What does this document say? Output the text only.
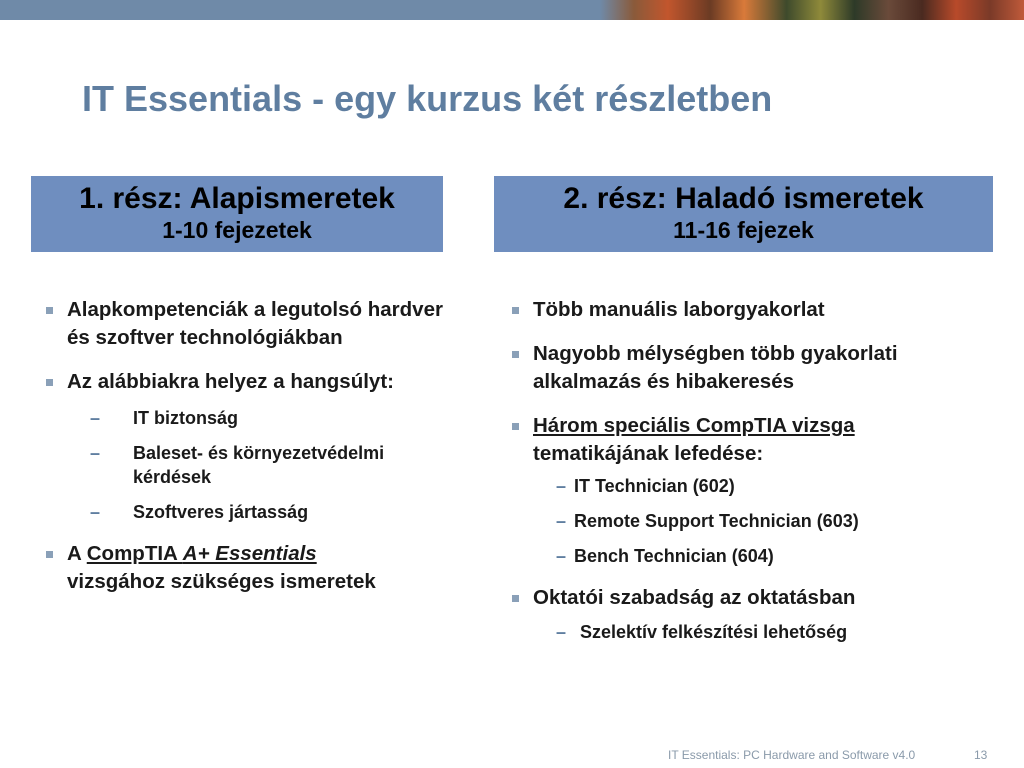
IT Essentials - egy kurzus két részletben
1. rész: Alapismeretek
1-10 fejezetek
2. rész: Haladó ismeretek
11-16 fejezek
Alapkompetenciák a legutolsó hardver és szoftver technológiákban
Az alábbiakra helyez a hangsúlyt:
– IT biztonság
– Baleset- és környezetvédelmi kérdések
– Szoftveres jártasság
A CompTIA A+ Essentials
vizsgához szükséges ismeretek
Több manuális laborgyakorlat
Nagyobb mélységben több gyakorlati alkalmazás és hibakeresés
Három speciális CompTIA vizsga
tematikájának lefedése:
– IT Technician (602)
– Remote Support Technician (603)
– Bench Technician (604)
Oktatói szabadság az oktatásban
– Szelektív felkészítési lehetőség
IT Essentials: PC Hardware and Software v4.0	13
